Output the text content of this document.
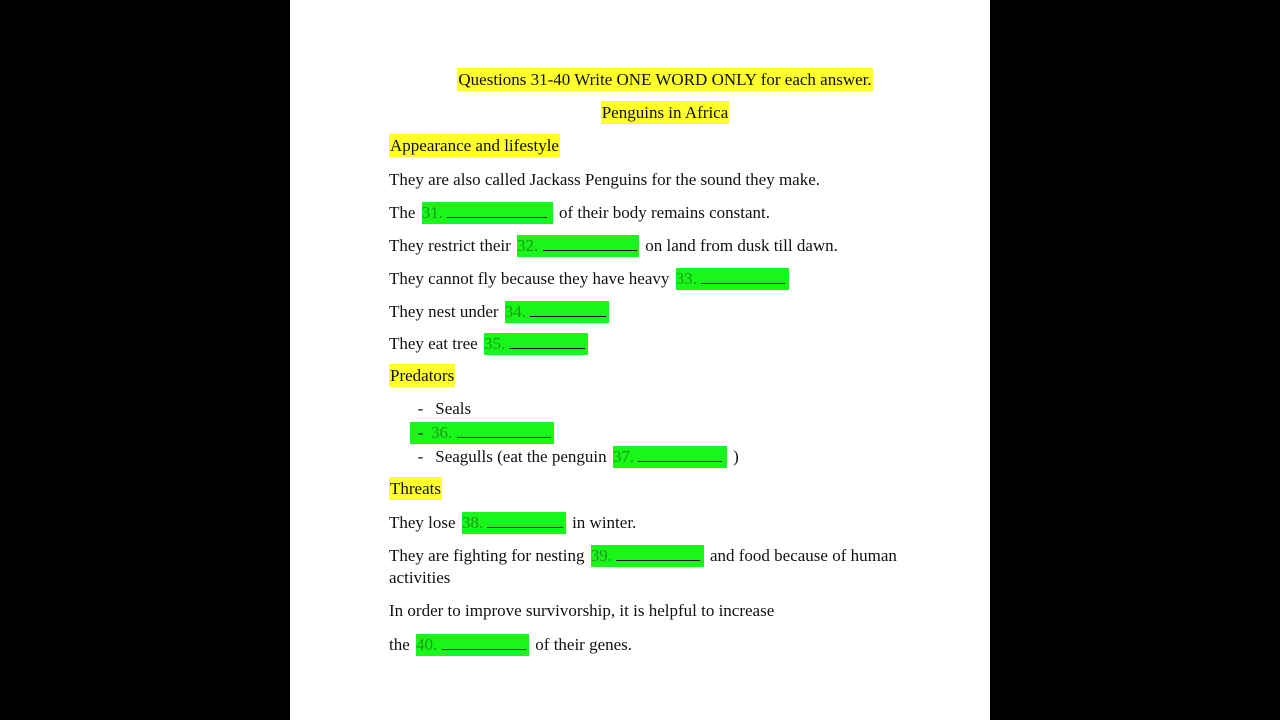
Questions 31-40 Write ONE WORD ONLY for each answer.
Penguins in Africa
Appearance and lifestyle
They are also called Jackass Penguins for the sound they make.
The 31.	of their body remains constant.
They restrict their 32.	on land from dusk till dawn.
They cannot fly because they have heavy 33.
They nest under 34.
They eat tree 35.
Predators
- Seals
- 36.
- Seagulls (eat the penguin 37.	)
Threats
They lose 38.	in winter.
They are fighting for nesting 39.	and food because of human
activities
In order to improve survivorship, it is helpful to increase
the 40.	of their genes.
